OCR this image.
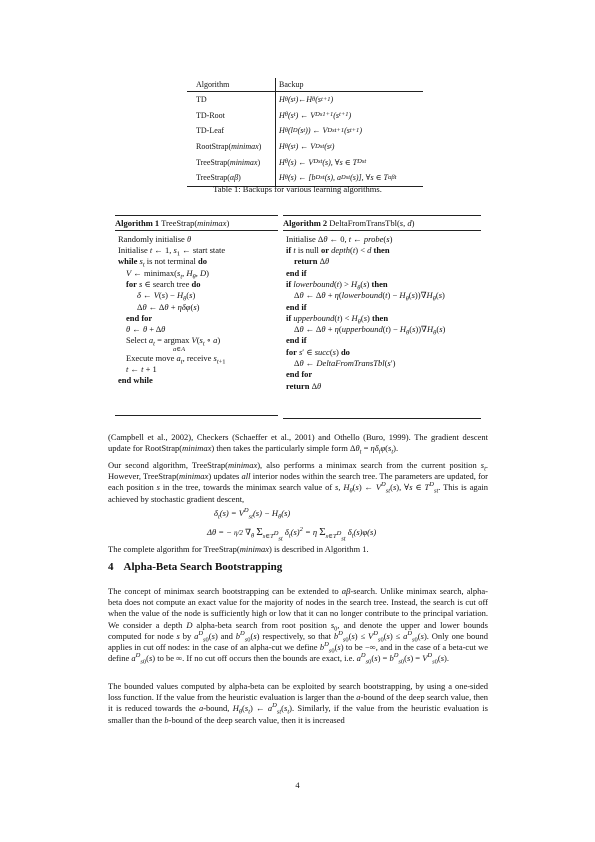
Algorithm	Backup
TD	H θ (s t ) ← H θ (s t+1 )
TD-Root	H θ (s t ) ← V D s1+1 (s t+1 )
TD-Leaf	H θ (l D (s t )) ← V D st+1 (s t+1 )
RootStrap(minimax)	H θ (s t ) ← V D st (s t )
TreeStrap(minimax)	H θ (s) ← V D st (s), ∀s ∈ T D st
TreeStrap(αβ)	H θ (s) ← [b D st (s), a D st (s)], ∀s ∈ T αβ t
Table 1: Backups for various learning algorithms.
Algorithm 1 TreeStrap(minimax)
Randomly initialise θ
Initialise t ← 1, $s_1$ ← start state
while $s_t$ is not terminal do
V ← $minimax(s_t$, $H_\theta$, D)
for s ∈ search tree do
δ ← $V(s) - H_\theta(s)$
Δθ ← Δθ + ηδφ(s)
end for
θ ← θ + Δθ
Select $a_t = argmax$ $V(s_t$ ∘ a)
a∈A
Execute move $a_t$, receive $s_{t+1}$
t ← t + 1
end while
Algorithm 2 DeltaFromTransTbl(s, d)
Initialise Δθ ← 0, t ← probe(s)
if t is null or depth(t) < d then
return Δθ
end if
if lowerbound(t) > $H_\theta(s)$ then
Δθ ← Δθ + η(lowerbound(t) − $H_\theta(s))\nabla H_\theta(s)$
end if
if upperbound(t) < $H_\theta(s)$ then
Δθ ← Δθ + η(upperbound(t) − $H_\theta(s))\nabla H_\theta(s)$
end if
for s′ ∈ succ(s) do
Δθ ← DeltaFromTransTbl(s′)
end for
return Δθ
(Campbell et al., 2002), Checkers (Schaeffer et al., 2001) and Othello (Buro, 1999). The gradient descent update for RootStrap(minimax) then takes the particularly simple form $\Delta\theta_t = \eta\delta_t\varphi(s_t)$.
Our second algorithm, TreeStrap(minimax), also performs a minimax search from the current position $s_t$. However, TreeStrap(minimax) updates all interior nodes within the search tree. The parameters are updated, for each position s in the tree, towards the minimax search value of s, $H_\theta(s)$ ← $V^D_{st}(s)$, ∀s ∈ $T^D_{st}$. This is again achieved by stochastic gradient descent,
$\delta_t(s) = V^D_{st}(s) - H_\theta(s)$
Δθ = − η/2 $\nabla_\theta$ $\Sigma_{s\in T^D_{st}}$ $\delta_t(s)^2 = \eta$ $\Sigma_{s\in T^D_{st}}$ $\delta_t(s)\varphi(s)$
The complete algorithm for TreeStrap(minimax) is described in Algorithm 1.
4 Alpha-Beta Search Bootstrapping
The concept of minimax search bootstrapping can be extended to αβ-search. Unlike minimax search, alpha-beta does not compute an exact value for the majority of nodes in the search tree. Instead, the search is cut off when the value of the node is sufficiently high or low that it can no longer contribute to the principal variation. We consider a depth D alpha-beta search from root position $s_0$, and denote the upper and lower bounds computed for node s by $a^D_{s0}(s)$ and $b^D_{s0}(s)$ respectively, so that $b^D_{s0}(s) \le V^D_{s0}(s) \le a^D_{s0}(s)$. Only one bound applies in cut off nodes: in the case of an alpha-cut we define $b^D_{s0}(s)$ to be −∞, and in the case of a beta-cut we define $a^D_{s0}(s)$ to be ∞. If no cut off occurs then the bounds are exact, i.e. $a^D_{s0}(s) = b^D_{s0}(s) = V^D_{s0}(s)$.
The bounded values computed by alpha-beta can be exploited by search bootstrapping, by using a one-sided loss function. If the value from the heuristic evaluation is larger than the a-bound of the deep search value, then it is reduced towards the a-bound, $H_\theta(s_t)$ ← $a^D_{st}(s_t)$. Similarly, if the value from the heuristic evaluation is smaller than the b-bound of the deep search value, then it is increased
4
